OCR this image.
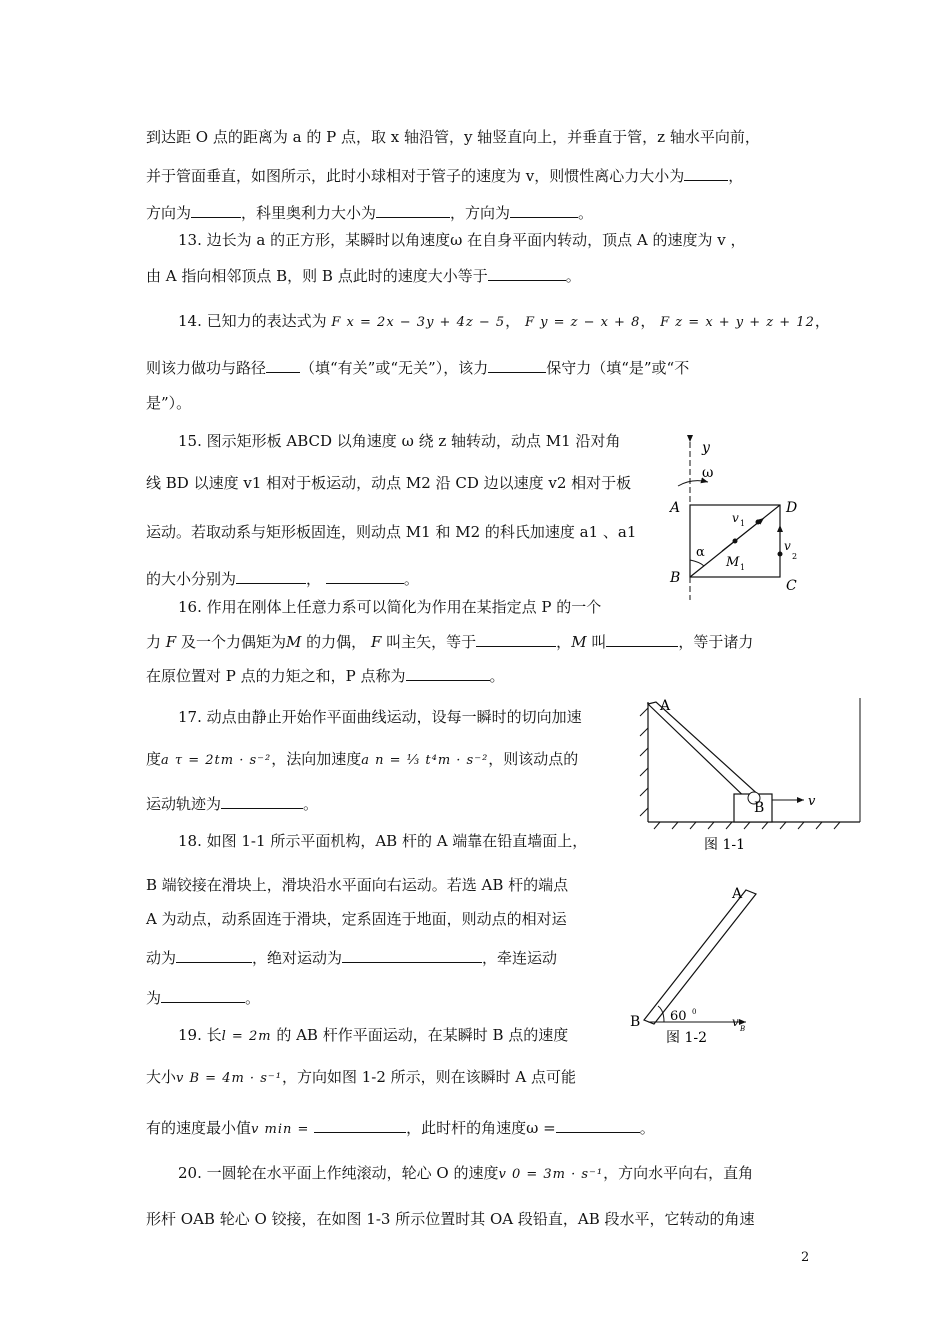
到达距 O 点的距离为 a 的 P 点，取 x 轴沿管，y 轴竖直向上，并垂直于管，z 轴水平向前，
并于管面垂直，如图所示，此时小球相对于管子的速度为 v，则惯性离心力大小为	，
方向为	，科里奥利力大小为	，方向为	。
13. 边长为 a 的正方形，某瞬时以角速度ω 在自身平面内转动，顶点 A 的速度为 v ，
由 A 指向相邻顶点 B，则 B 点此时的速度大小等于	。
14. 已知力的表达式为 F x = 2x − 3y + 4z − 5， F y = z − x + 8， F z = x + y + z + 12，
则该力做功与路径 （填“有关”或“无关”），该力	保守力（填“是”或“不
是”）。
15. 图示矩形板 ABCD 以角速度 ω 绕 z 轴转动，动点 M1 沿对角
线 BD 以速度 v1 相对于板运动，动点 M2 沿 CD 边以速度 v2 相对于板
运动。若取动系与矩形板固连，则动点 M1 和 M2 的科氏加速度 a1 、a1
的大小分别为	，	。
y
ω
A
B	C
D
v 1
v
2
M 1
α
16. 作用在刚体上任意力系可以简化为作用在某指定点 P 的一个
力 F 及一个力偶矩为M 的力偶， F 叫主矢，等于	，M 叫	，等于诸力
在原位置对 P 点的力矩之和，P 点称为	。
17. 动点由静止开始作平面曲线运动，设每一瞬时的切向加速
度a τ = 2tm · s⁻²，法向加速度a n = ⅓ t⁴m · s⁻²，则该动点的
运动轨迹为	。
A
B	v
图 1-1
18. 如图 1-1 所示平面机构，AB 杆的 A 端靠在铅直墙面上，
B 端铰接在滑块上，滑块沿水平面向右运动。若选 AB 杆的端点
A 为动点，动系固连于滑块，定系固连于地面，则动点的相对运
动为	，绝对运动为	，牵连运动
为	。
A
B 60 0
v B
图 1-2
19. 长l = 2m 的 AB 杆作平面运动，在某瞬时 B 点的速度
大小v B = 4m · s⁻¹，方向如图 1-2 所示，则在该瞬时 A 点可能
有的速度最小值v min =	，此时杆的角速度ω =	。
20. 一圆轮在水平面上作纯滚动，轮心 O 的速度v 0 = 3m · s⁻¹，方向水平向右，直角
形杆 OAB 轮心 O 铰接，在如图 1-3 所示位置时其 OA 段铅直，AB 段水平，它转动的角速
2
